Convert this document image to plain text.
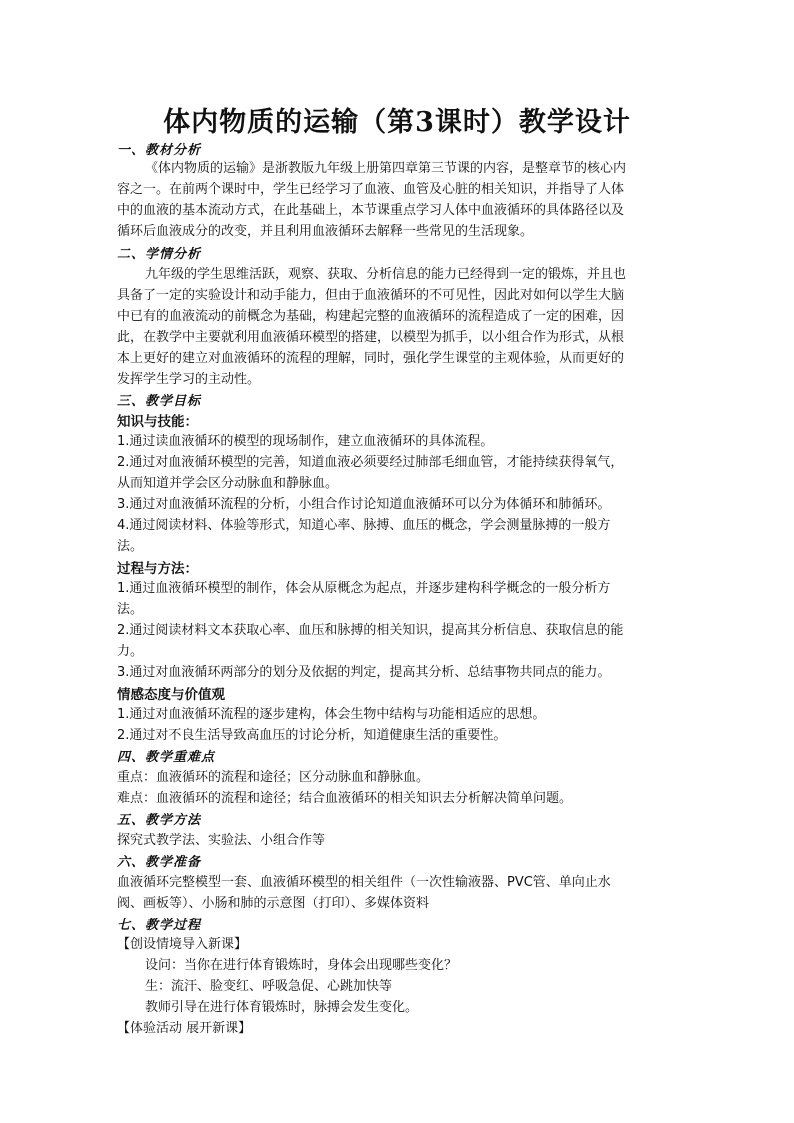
体内物质的运输（第3课时）教学设计
一、教材分析
《体内物质的运输》是浙教版九年级上册第四章第三节课的内容，是整章节的核心内
容之一。在前两个课时中，学生已经学习了血液、血管及心脏的相关知识，并指导了人体
中的血液的基本流动方式，在此基础上，本节课重点学习人体中血液循环的具体路径以及
循环后血液成分的改变，并且利用血液循环去解释一些常见的生活现象。
二、学情分析
九年级的学生思维活跃，观察、获取、分析信息的能力已经得到一定的锻炼，并且也
具备了一定的实验设计和动手能力，但由于血液循环的不可见性，因此对如何以学生大脑
中已有的血液流动的前概念为基础，构建起完整的血液循环的流程造成了一定的困难，因
此，在教学中主要就利用血液循环模型的搭建，以模型为抓手，以小组合作为形式，从根
本上更好的建立对血液循环的流程的理解，同时，强化学生课堂的主观体验，从而更好的
发挥学生学习的主动性。
三、教学目标
知识与技能：
1.通过读血液循环的模型的现场制作，建立血液循环的具体流程。
2.通过对血液循环模型的完善，知道血液必须要经过肺部毛细血管，才能持续获得氧气，
从而知道并学会区分动脉血和静脉血。
3.通过对血液循环流程的分析，小组合作讨论知道血液循环可以分为体循环和肺循环。
4.通过阅读材料、体验等形式，知道心率、脉搏、血压的概念，学会测量脉搏的一般方
法。
过程与方法：
1.通过血液循环模型的制作，体会从原概念为起点，并逐步建构科学概念的一般分析方
法。
2.通过阅读材料文本获取心率、血压和脉搏的相关知识，提高其分析信息、获取信息的能
力。
3.通过对血液循环两部分的划分及依据的判定，提高其分析、总结事物共同点的能力。
情感态度与价值观
1.通过对血液循环流程的逐步建构，体会生物中结构与功能相适应的思想。
2.通过对不良生活导致高血压的讨论分析，知道健康生活的重要性。
四、教学重难点
重点：血液循环的流程和途径；区分动脉血和静脉血。
难点：血液循环的流程和途径；结合血液循环的相关知识去分析解决简单问题。
五、教学方法
探究式教学法、实验法、小组合作等
六、教学准备
血液循环完整模型一套、血液循环模型的相关组件（一次性输液器、PVC管、单向止水
阀、画板等）、小肠和肺的示意图（打印）、多媒体资料
七、教学过程
【创设情境导入新课】
设问：当你在进行体育锻炼时，身体会出现哪些变化？
生：流汗、脸变红、呼吸急促、心跳加快等
教师引导在进行体育锻炼时，脉搏会发生变化。
【体验活动 展开新课】
